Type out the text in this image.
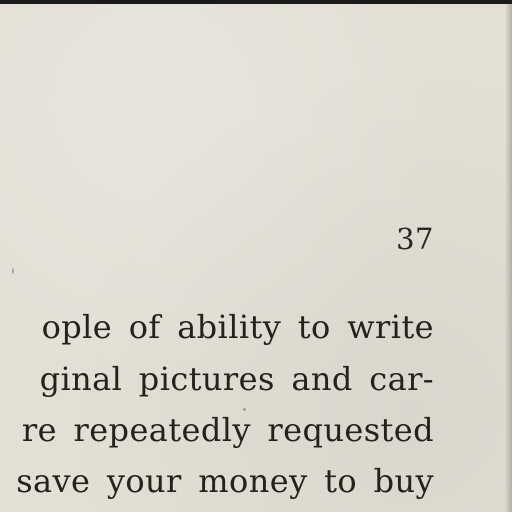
37
ople of ability to write
ginal pictures and car-
re repeatedly requested
save your money to buy
